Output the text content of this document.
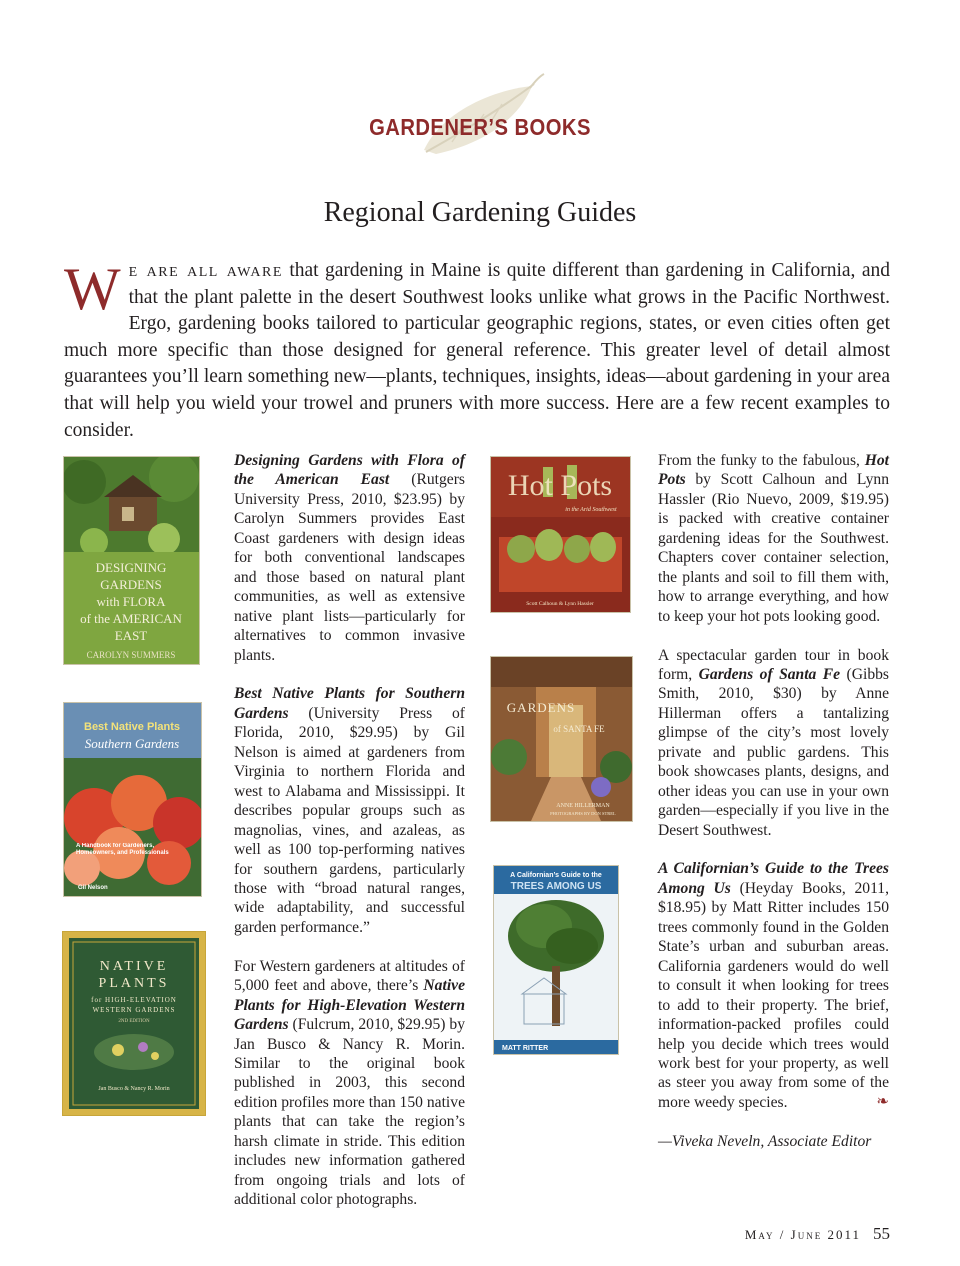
GARDENER’S BOOKS
Regional Gardening Guides

We are all aware that gardening in Maine is quite different than gardening in California, and that the plant palette in the desert Southwest looks unlike what grows in the Pacific Northwest. Ergo, gardening books tailored to particular geographic regions, states, or even cities often get much more specific than those designed for general reference. This greater level of detail almost guarantees you’ll learn something new—plants, techniques, insights, ideas—about gardening in your area that will help you wield your trowel and pruners with more success. Here are a few recent examples to consider.

DESIGNING
GARDENS
with FLORA
of the AMERICAN
EAST
CAROLYN SUMMERS
Best Native Plants
Southern Gardens
A Handbook for Gardeners, Homeowners, and Professionals
Gil Nelson
NATIVE
PLANTS
for HIGH-ELEVATION
WESTERN GARDENS
2ND EDITION
Jan Busco & Nancy R. Morin
Hot Pots
in the Arid Southwest
Scott Calhoun & Lynn Hassler
GARDENS
of SANTA FE
ANNE HILLERMAN
PHOTOGRAPHS BY DON STREL
A Californian’s Guide to the
TREES AMONG US
MATT RITTER

Designing Gardens with Flora of the American East (Rutgers University Press, 2010, $23.95) by Carolyn Summers provides East Coast gardeners with design ideas for both conventional landscapes and those based on natural plant communities, as well as extensive native plant lists—particularly for alternatives to common invasive plants.

Best Native Plants for Southern Gardens (University Press of Florida, 2010, $29.95) by Gil Nelson is aimed at gardeners from Virginia to northern Florida and west to Alabama and Mississippi. It describes popular groups such as magnolias, vines, and azaleas, as well as 100 top-performing natives for southern gardens, particularly those with “broad natural ranges, wide adaptability, and successful garden performance.”

For Western gardeners at altitudes of 5,000 feet and above, there’s Native Plants for High-Elevation Western Gardens (Fulcrum, 2010, $29.95) by Jan Busco & Nancy R. Morin. Similar to the original book published in 2003, this second edition profiles more than 150 native plants that can take the region’s harsh climate in stride. This edition includes new information gathered from ongoing trials and lots of additional color photographs.

From the funky to the fabulous, Hot Pots by Scott Calhoun and Lynn Hassler (Rio Nuevo, 2009, $19.95) is packed with creative container gardening ideas for the Southwest. Chapters cover container selection, the plants and soil to fill them with, how to arrange everything, and how to keep your hot pots looking good.

A spectacular garden tour in book form, Gardens of Santa Fe (Gibbs Smith, 2010, $30) by Anne Hillerman offers a tantalizing glimpse of the city’s most lovely private and public gardens. This book showcases plants, designs, and other ideas you can use in your own garden—especially if you live in the Desert Southwest.

A Californian’s Guide to the Trees Among Us (Heyday Books, 2011, $18.95) by Matt Ritter includes 150 trees commonly found in the Golden State’s urban and suburban areas. California gardeners would do well to consult it when looking for trees to add to their property. The brief, information-packed profiles could help you decide which trees would work best for your property, as well as steer you away from some of the more weedy species.	❧

—Viveka Neveln, Associate Editor

May / June 2011 55
